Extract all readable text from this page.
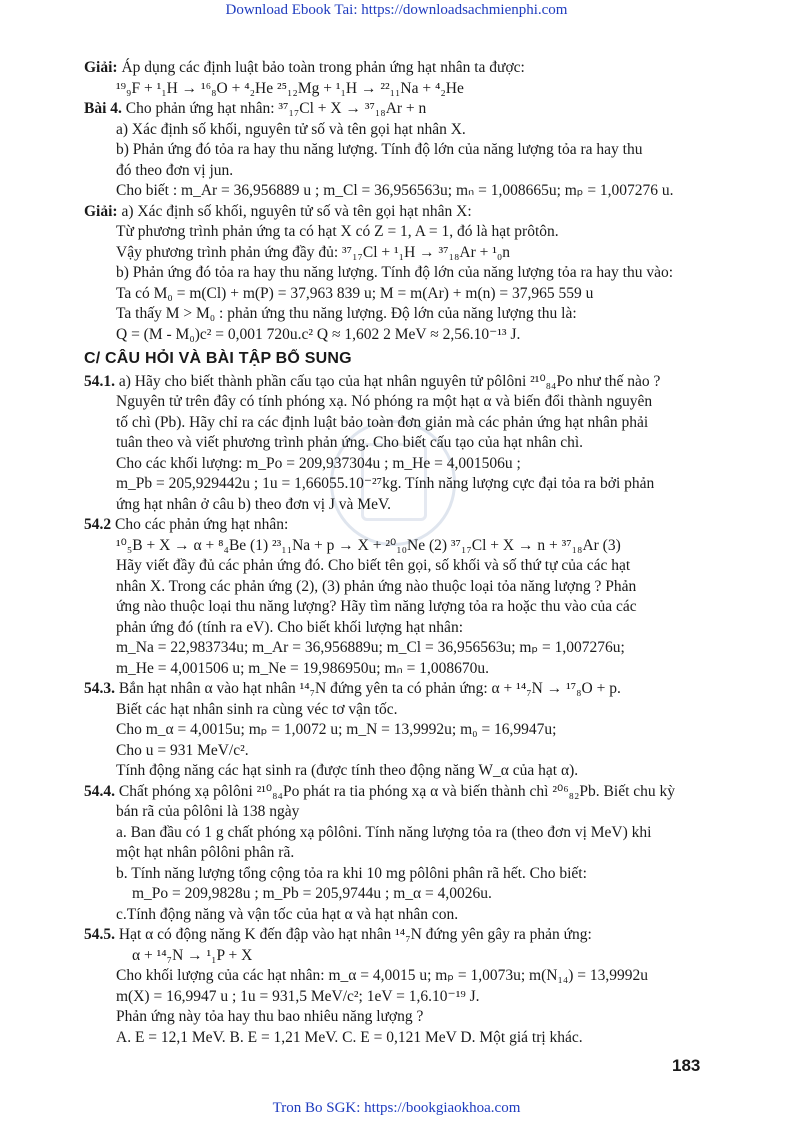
Download Ebook Tai: https://downloadsachmienphi.com
Giải: Áp dụng các định luật bảo toàn trong phản ứng hạt nhân ta được:
¹⁹₉F + ¹₁H → ¹⁶₈O + ⁴₂He ²⁵₁₂Mg + ¹₁H → ²²₁₁Na + ⁴₂He
Bài 4. Cho phản ứng hạt nhân: ³⁷₁₇Cl + X → ³⁷₁₈Ar + n
a) Xác định số khối, nguyên tử số và tên gọi hạt nhân X.
b) Phản ứng đó tỏa ra hay thu năng lượng. Tính độ lớn của năng lượng tỏa ra hay thu
đó theo đơn vị jun.
Cho biết : m_Ar = 36,956889 u ; m_Cl = 36,956563u; mₙ = 1,008665u; mₚ = 1,007276 u.
Giải: a) Xác định số khối, nguyên tử số và tên gọi hạt nhân X:
Từ phương trình phản ứng ta có hạt X có Z = 1, A = 1, đó là hạt prôtôn.
Vậy phương trình phản ứng đầy đủ: ³⁷₁₇Cl + ¹₁H → ³⁷₁₈Ar + ¹₀n
b) Phản ứng đó tỏa ra hay thu năng lượng. Tính độ lớn của năng lượng tỏa ra hay thu vào:
Ta có M₀ = m(Cl) + m(P) = 37,963 839 u; M = m(Ar) + m(n) = 37,965 559 u
Ta thấy M > M₀ : phản ứng thu năng lượng. Độ lớn của năng lượng thu là:
Q = (M - M₀)c² = 0,001 720u.c² Q ≈ 1,602 2 MeV ≈ 2,56.10⁻¹³ J.
C/ CÂU HỎI VÀ BÀI TẬP BỔ SUNG
54.1. a) Hãy cho biết thành phần cấu tạo của hạt nhân nguyên tử pôlôni ²¹⁰₈₄Po như thế nào ?
Nguyên tử trên đây có tính phóng xạ. Nó phóng ra một hạt α và biến đổi thành nguyên
tố chì (Pb). Hãy chỉ ra các định luật bảo toàn đơn giản mà các phản ứng hạt nhân phải
tuân theo và viết phương trình phản ứng. Cho biết cấu tạo của hạt nhân chì.
Cho các khối lượng: m_Po = 209,937304u ; m_He = 4,001506u ;
m_Pb = 205,929442u ; 1u = 1,66055.10⁻²⁷kg. Tính năng lượng cực đại tỏa ra bởi phản
ứng hạt nhân ở câu b) theo đơn vị J và MeV.
54.2 Cho các phản ứng hạt nhân:
¹⁰₅B + X → α + ⁸₄Be (1) ²³₁₁Na + p → X + ²⁰₁₀Ne (2) ³⁷₁₇Cl + X → n + ³⁷₁₈Ar (3)
Hãy viết đầy đủ các phản ứng đó. Cho biết tên gọi, số khối và số thứ tự của các hạt
nhân X. Trong các phản ứng (2), (3) phản ứng nào thuộc loại tỏa năng lượng ? Phản
ứng nào thuộc loại thu năng lượng? Hãy tìm năng lượng tỏa ra hoặc thu vào của các
phản ứng đó (tính ra eV). Cho biết khối lượng hạt nhân:
m_Na = 22,983734u; m_Ar = 36,956889u; m_Cl = 36,956563u; mₚ = 1,007276u;
m_He = 4,001506 u; m_Ne = 19,986950u; mₙ = 1,008670u.
54.3. Bắn hạt nhân α vào hạt nhân ¹⁴₇N đứng yên ta có phản ứng: α + ¹⁴₇N → ¹⁷₈O + p.
Biết các hạt nhân sinh ra cùng véc tơ vận tốc.
Cho m_α = 4,0015u; mₚ = 1,0072 u; m_N = 13,9992u; m₀ = 16,9947u;
Cho u = 931 MeV/c².
Tính động năng các hạt sinh ra (được tính theo động năng W_α của hạt α).
54.4. Chất phóng xạ pôlôni ²¹⁰₈₄Po phát ra tia phóng xạ α và biến thành chì ²⁰⁶₈₂Pb. Biết chu kỳ
bán rã của pôlôni là 138 ngày
a. Ban đầu có 1 g chất phóng xạ pôlôni. Tính năng lượng tỏa ra (theo đơn vị MeV) khi
một hạt nhân pôlôni phân rã.
b. Tính năng lượng tổng cộng tỏa ra khi 10 mg pôlôni phân rã hết. Cho biết:
m_Po = 209,9828u ; m_Pb = 205,9744u ; m_α = 4,0026u.
c.Tính động năng và vận tốc của hạt α và hạt nhân con.
54.5. Hạt α có động năng K đến đập vào hạt nhân ¹⁴₇N đứng yên gây ra phản ứng:
α + ¹⁴₇N → ¹₁P + X
Cho khối lượng của các hạt nhân: m_α = 4,0015 u; mₚ = 1,0073u; m(N₁₄) = 13,9992u
m(X) = 16,9947 u ; 1u = 931,5 MeV/c²; 1eV = 1,6.10⁻¹⁹ J.
Phản ứng này tỏa hay thu bao nhiêu năng lượng ?
A. E = 12,1 MeV. B. E = 1,21 MeV. C. E = 0,121 MeV D. Một giá trị khác.
183
Tron Bo SGK: https://bookgiaokhoa.com
